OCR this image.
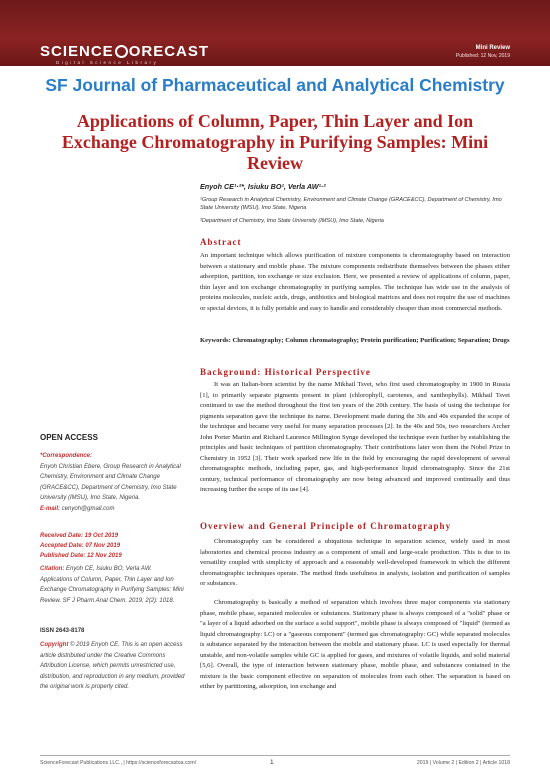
SCIENCE ORECAST
Digital Science Library
Mini Review
Published: 12 Nov, 2019
SF Journal of Pharmaceutical and Analytical Chemistry
Applications of Column, Paper, Thin Layer and Ion Exchange Chromatography in Purifying Samples: Mini Review
Enyoh CE¹·²*, Isiuku BO¹, Verla AW¹·²
¹Group Research in Analytical Chemistry, Environment and Climate Change (GRACE&CC), Department of Chemistry, Imo State University (IMSU), Imo State, Nigeria
²Department of Chemistry, Imo State University (IMSU), Imo State, Nigeria
Abstract

An important technique which allows purification of mixture components is chromatography based on interaction between a stationary and mobile phase. The mixture components redistribute themselves between the phases either adsorption, partition, ion exchange or size exclusion. Here, we presented a review of applications of column, paper, thin layer and ion exchange chromatography in purifying samples. The technique has wide use in the analysis of proteins molecules, nucleic acids, drugs, antibiotics and biological matrices and does not require the use of machines or special devices, it is fully portable and easy to handle and considerably cheaper than most commercial methods.

Keywords: Chromatography; Column chromatography; Protein purification; Purification; Separation; Drugs
Background: Historical Perspective

It was an Italian-born scientist by the name Mikhail Tsvet, who first used chromatography in 1900 in Russia [1], to primarily separate pigments present in plant (chlorophyll, carotenes, and xanthophylls). Mikhail Tsvet continued to use the method throughout the first ten years of the 20th century. The basis of using the technique for pigments separation gave the technique its name. Development made during the 30s and 40s expanded the scope of the technique and became very useful for many separation processes [2]. In the 40s and 50s, two researchers Archer John Porter Martin and Richard Laurence Millington Synge developed the technique even further by establishing the principles and basic techniques of partition chromatography. Their contributions later won them the Nobel Prize in Chemistry in 1952 [3]. Their work sparked new life in the field by encouraging the rapid development of several chromatographic methods, including paper, gas, and high-performance liquid chromatography. Since the 21st century, technical performance of chromatography are now being advanced and improved continually and thus increasing further the scope of its use [4].

Overview and General Principle of Chromatography

Chromatography can be considered a ubiquitous technique in separation science, widely used in most laboratories and chemical process industry as a component of small and large-scale production. This is due to its versatility coupled with simplicity of approach and a reasonably well-developed framework in which the different chromatographic techniques operate. The method finds usefulness in analysis, isolation and purification of samples or substances.

Chromatography is basically a method of separation which involves three major components via stationary phase, mobile phase, separated molecules or substances. Stationary phase is always composed of a "solid" phase or "a layer of a liquid adsorbed on the surface a solid support", mobile phase is always composed of "liquid" (termed as liquid chromatography: LC) or a "gaseous component" (termed gas chromatography: GC) while separated molecules is substance separated by the interaction between the mobile and stationary phase. LC is used especially for thermal unstable, and non-volatile samples while GC is applied for gases, and mixtures of volatile liquids, and solid material [5,6]. Overall, the type of interaction between stationary phase, mobile phase, and substances contained in the mixture is the basic component effective on separation of molecules from each other. The separation is based on either by partitioning, adsorption, ion exchange and

OPEN ACCESS
*Correspondence:
Enyoh Christian Ebere, Group Research in Analytical Chemistry, Environment and Climate Change (GRACE&CC), Department of Chemistry, Imo State University (IMSU), Imo State, Nigeria.
E-mail: cenyoh@gmail.com
Received Date: 19 Oct 2019
Accepted Date: 07 Nov 2019
Published Date: 12 Nov 2019
Citation: Enyoh CE, Isiuku BO, Verla AW. Applications of Column, Paper, Thin Layer and Ion Exchange Chromatography in Purifying Samples: Mini Review. SF J Pharm Anal Chem. 2019; 2(2): 1018.
ISSN 2643-8178
Copyright © 2019 Enyoh CE. This is an open access article distributed under the Creative Commons Attribution License, which permits unrestricted use, distribution, and reproduction in any medium, provided the original work is properly cited.
ScienceForecast Publications LLC., | https://scienceforecastoa.com/	1	2019 | Volume 2 | Edition 2 | Article 1018
